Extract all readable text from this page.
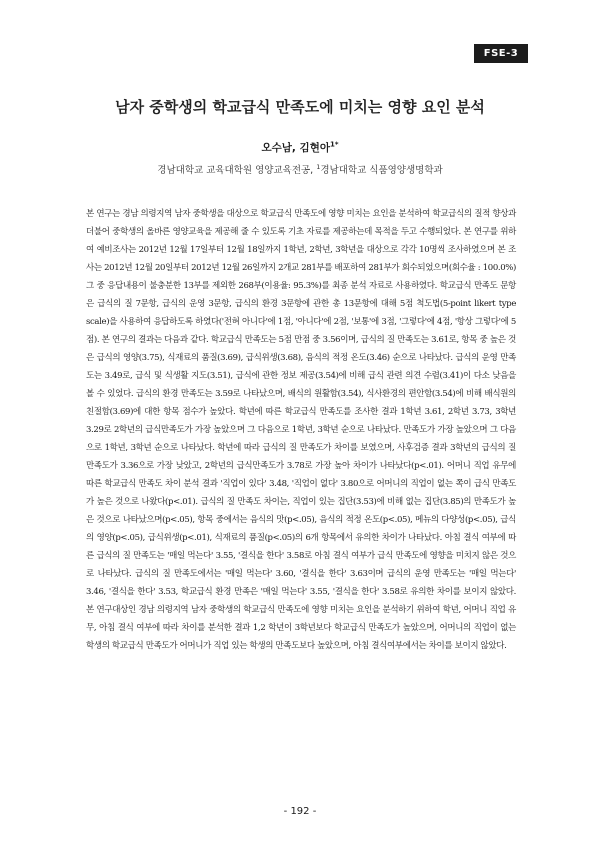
FSE-3
남자 중학생의 학교급식 만족도에 미치는 영향 요인 분석
오수남, 김현아$^{1*}$
경남대학교 교육대학원 영양교육전공, $^1$경남대학교 식품영양생명학과

본 연구는 경남 의령지역 남자 중학생을 대상으로 학교급식 만족도에 영향 미치는 요인을 분석하여 학교급식의 질적 향상과 더불어 중학생의 올바른 영양교육을 제공해 줄 수 있도록 기초 자료를 제공하는데 목적을 두고 수행되었다. 본 연구를 위하여 예비조사는 2012년 12월 17일부터 12월 18일까지 1학년, 2학년, 3학년을 대상으로 각각 10명씩 조사하였으며 본 조사는 2012년 12월 20일부터 2012년 12월 26일까지 2개교 281부를 배포하여 281부가 회수되었으며(회수율 : 100.0%) 그 중 응답내용이 불충분한 13부를 제외한 268부(이용율: 95.3%)를 최종 분석 자료로 사용하였다. 학교급식 만족도 문항은 급식의 질 7문항, 급식의 운영 3문항, 급식의 환경 3문항에 관한 총 13문항에 대해 5점 척도법(5-point likert type scale)을 사용하여 응답하도록 하였다('전혀 아니다'에 1점, '아니다'에 2점, '보통'에 3점, '그렇다'에 4점, '항상 그렇다'에 5점). 본 연구의 결과는 다음과 같다. 학교급식 만족도는 5점 만점 중 3.56이며, 급식의 질 만족도는 3.61로, 항목 중 높은 것은 급식의 영양(3.75), 식재료의 품질(3.69), 급식위생(3.68), 음식의 적정 온도(3.46) 순으로 나타났다. 급식의 운영 만족도는 3.49로, 급식 및 식생활 지도(3.51), 급식에 관한 정보 제공(3.54)에 비해 급식 관련 의견 수렴(3.41)이 다소 낮음을 볼 수 있었다. 급식의 환경 만족도는 3.59로 나타났으며, 배식의 원활함(3.54), 식사환경의 편안함(3.54)에 비해 배식원의 친절함(3.69)에 대한 항목 점수가 높았다. 학년에 따른 학교급식 만족도를 조사한 결과 1학년 3.61, 2학년 3.73, 3학년 3.29로 2학년의 급식만족도가 가장 높았으며 그 다음으로 1학년, 3학년 순으로 나타났다. 만족도가 가장 높았으며 그 다음으로 1학년, 3학년 순으로 나타났다. 학년에 따라 급식의 질 만족도가 차이를 보였으며, 사후검증 결과 3학년의 급식의 질 만족도가 3.36으로 가장 낮았고, 2학년의 급식만족도가 3.78로 가장 높아 차이가 나타났다(p<.01). 어머니 직업 유무에 따른 학교급식 만족도 차이 분석 결과 '직업이 있다' 3.48, '직업이 없다' 3.80으로 어머니의 직업이 없는 쪽이 급식 만족도가 높은 것으로 나왔다(p<.01). 급식의 질 만족도 차이는, 직업이 있는 집단(3.53)에 비해 없는 집단(3.85)의 만족도가 높은 것으로 나타났으며(p<.05), 항목 중에서는 음식의 맛(p<.05), 음식의 적정 온도(p<.05), 메뉴의 다양성(p<.05), 급식의 영양(p<.05), 급식위생(p<.01), 식재료의 품질(p<.05)의 6개 항목에서 유의한 차이가 나타났다. 아침 결식 여부에 따른 급식의 질 만족도는 '매일 먹는다' 3.55, '결식을 한다' 3.58로 아침 결식 여부가 급식 만족도에 영향을 미치지 않은 것으로 나타났다. 급식의 질 만족도에서는 '매일 먹는다' 3.60, '결식을 한다' 3.63이며 급식의 운영 만족도는 '매일 먹는다' 3.46, '결식을 한다' 3.53, 학교급식 환경 만족은 '매일 먹는다' 3.55, '결식을 한다' 3.58로 유의한 차이를 보이지 않았다. 본 연구대상인 경남 의령지역 남자 중학생의 학교급식 만족도에 영향 미치는 요인을 분석하기 위하여 학년, 어머니 직업 유무, 아침 결식 여부에 따라 차이를 분석한 결과 1,2 학년이 3학년보다 학교급식 만족도가 높았으며, 어머니의 직업이 없는 학생의 학교급식 만족도가 어머니가 직업 있는 학생의 만족도보다 높았으며, 아침 결식여부에서는 차이를 보이지 않았다.

- 192 -
